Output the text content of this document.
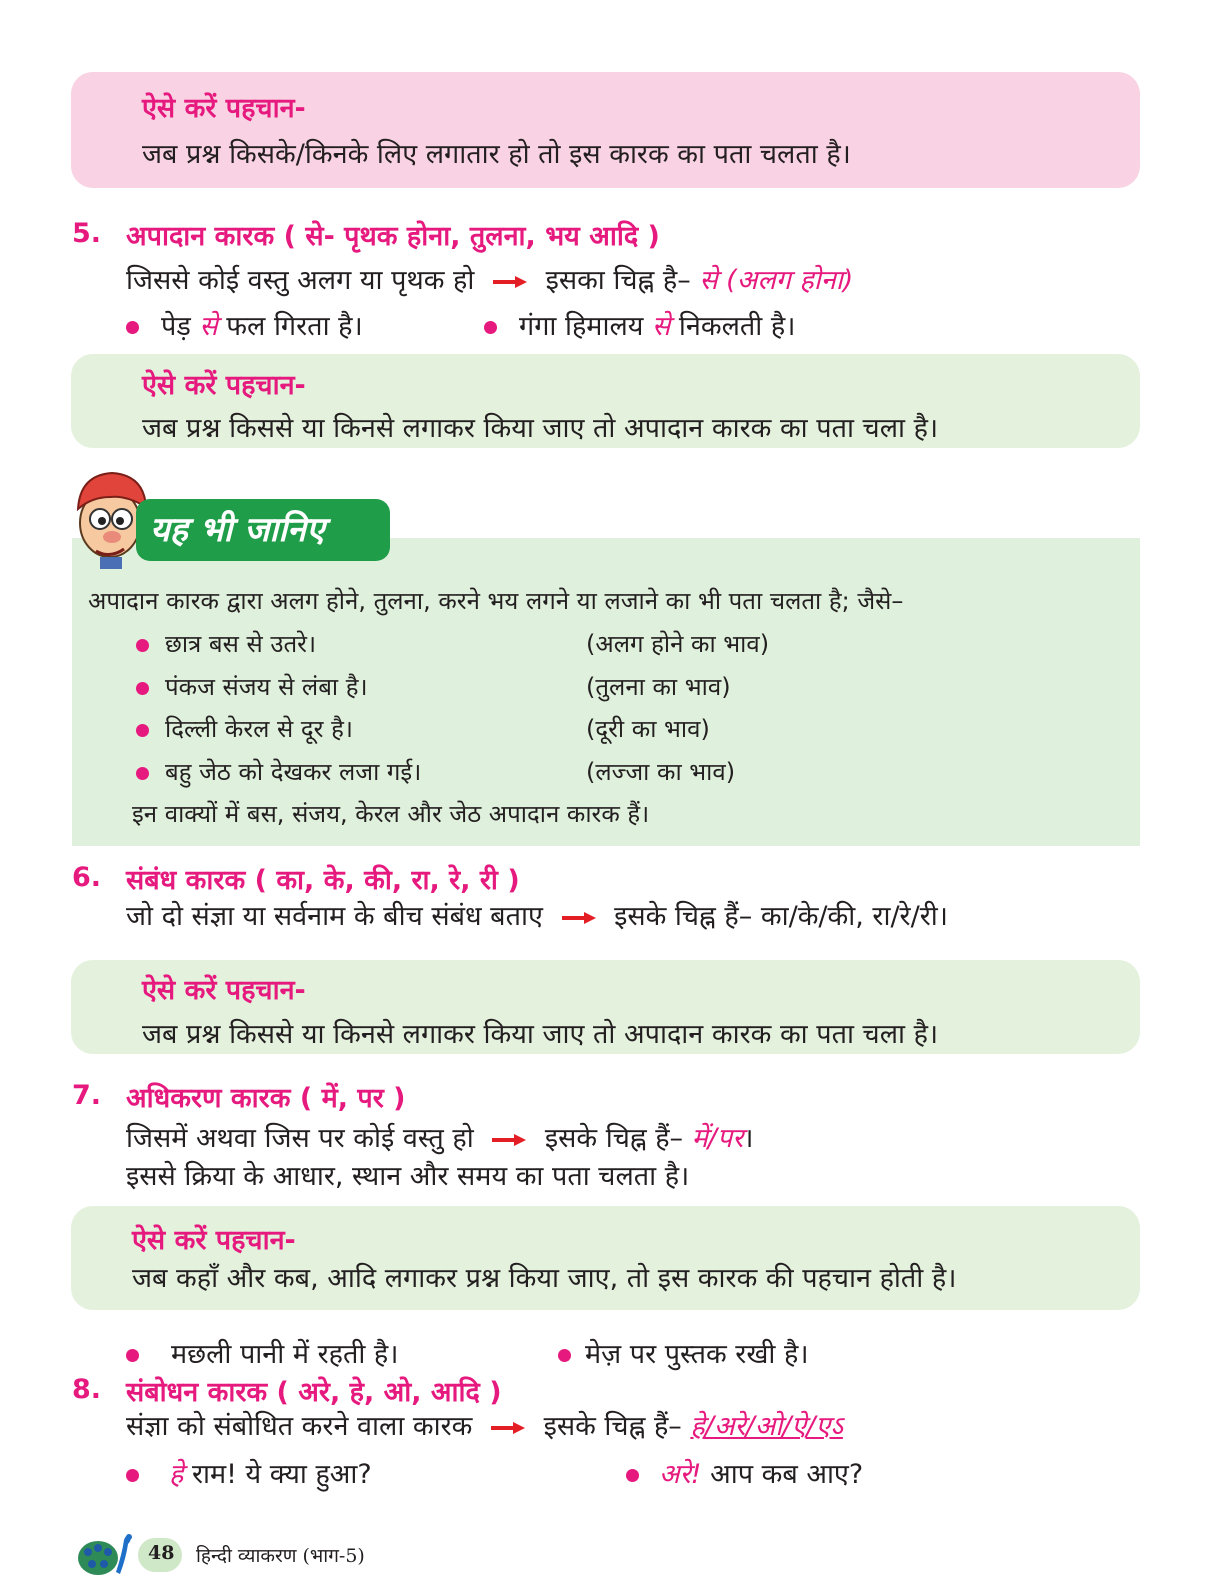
ऐसे करें पहचान-
जब प्रश्न किसके/किनके लिए लगातार हो तो इस कारक का पता चलता है।
5. अपादान कारक ( से- पृथक होना, तुलना, भय आदि )
जिससे कोई वस्तु अलग या पृथक हो	इसका चिह्न है– से (अलग होना)
पेड़ से फल गिरता है।	गंगा हिमालय से निकलती है।
ऐसे करें पहचान-
जब प्रश्न किससे या किनसे लगाकर किया जाए तो अपादान कारक का पता चला है।
यह भी जानिए
अपादान कारक द्वारा अलग होने, तुलना, करने भय लगने या लजाने का भी पता चलता है; जैसे–
छात्र बस से उतरे।	(अलग होने का भाव)
पंकज संजय से लंबा है।	(तुलना का भाव)
दिल्ली केरल से दूर है।	(दूरी का भाव)
बहु जेठ को देखकर लजा गई।	(लज्जा का भाव)
इन वाक्यों में बस, संजय, केरल और जेठ अपादान कारक हैं।
6. संबंध कारक ( का, के, की, रा, रे, री )
जो दो संज्ञा या सर्वनाम के बीच संबंध बताए	इसके चिह्न हैं– का/के/की, रा/रे/री।
ऐसे करें पहचान-
जब प्रश्न किससे या किनसे लगाकर किया जाए तो अपादान कारक का पता चला है।
7. अधिकरण कारक ( में, पर )
जिसमें अथवा जिस पर कोई वस्तु हो	इसके चिह्न हैं– में/पर।
इससे क्रिया के आधार, स्थान और समय का पता चलता है।
ऐसे करें पहचान-
जब कहाँ और कब, आदि लगाकर प्रश्न किया जाए, तो इस कारक की पहचान होती है।
मछली पानी में रहती है।	मेज़ पर पुस्तक रखी है।
8. संबोधन कारक ( अरे, हे, ओ, आदि )
संज्ञा को संबोधित करने वाला कारक	इसके चिह्न हैं– हे/अरे/ओ/ऐ/एऽ
हे राम! ये क्या हुआ?	अरे! आप कब आए?
48 हिन्दी व्याकरण (भाग-5)
